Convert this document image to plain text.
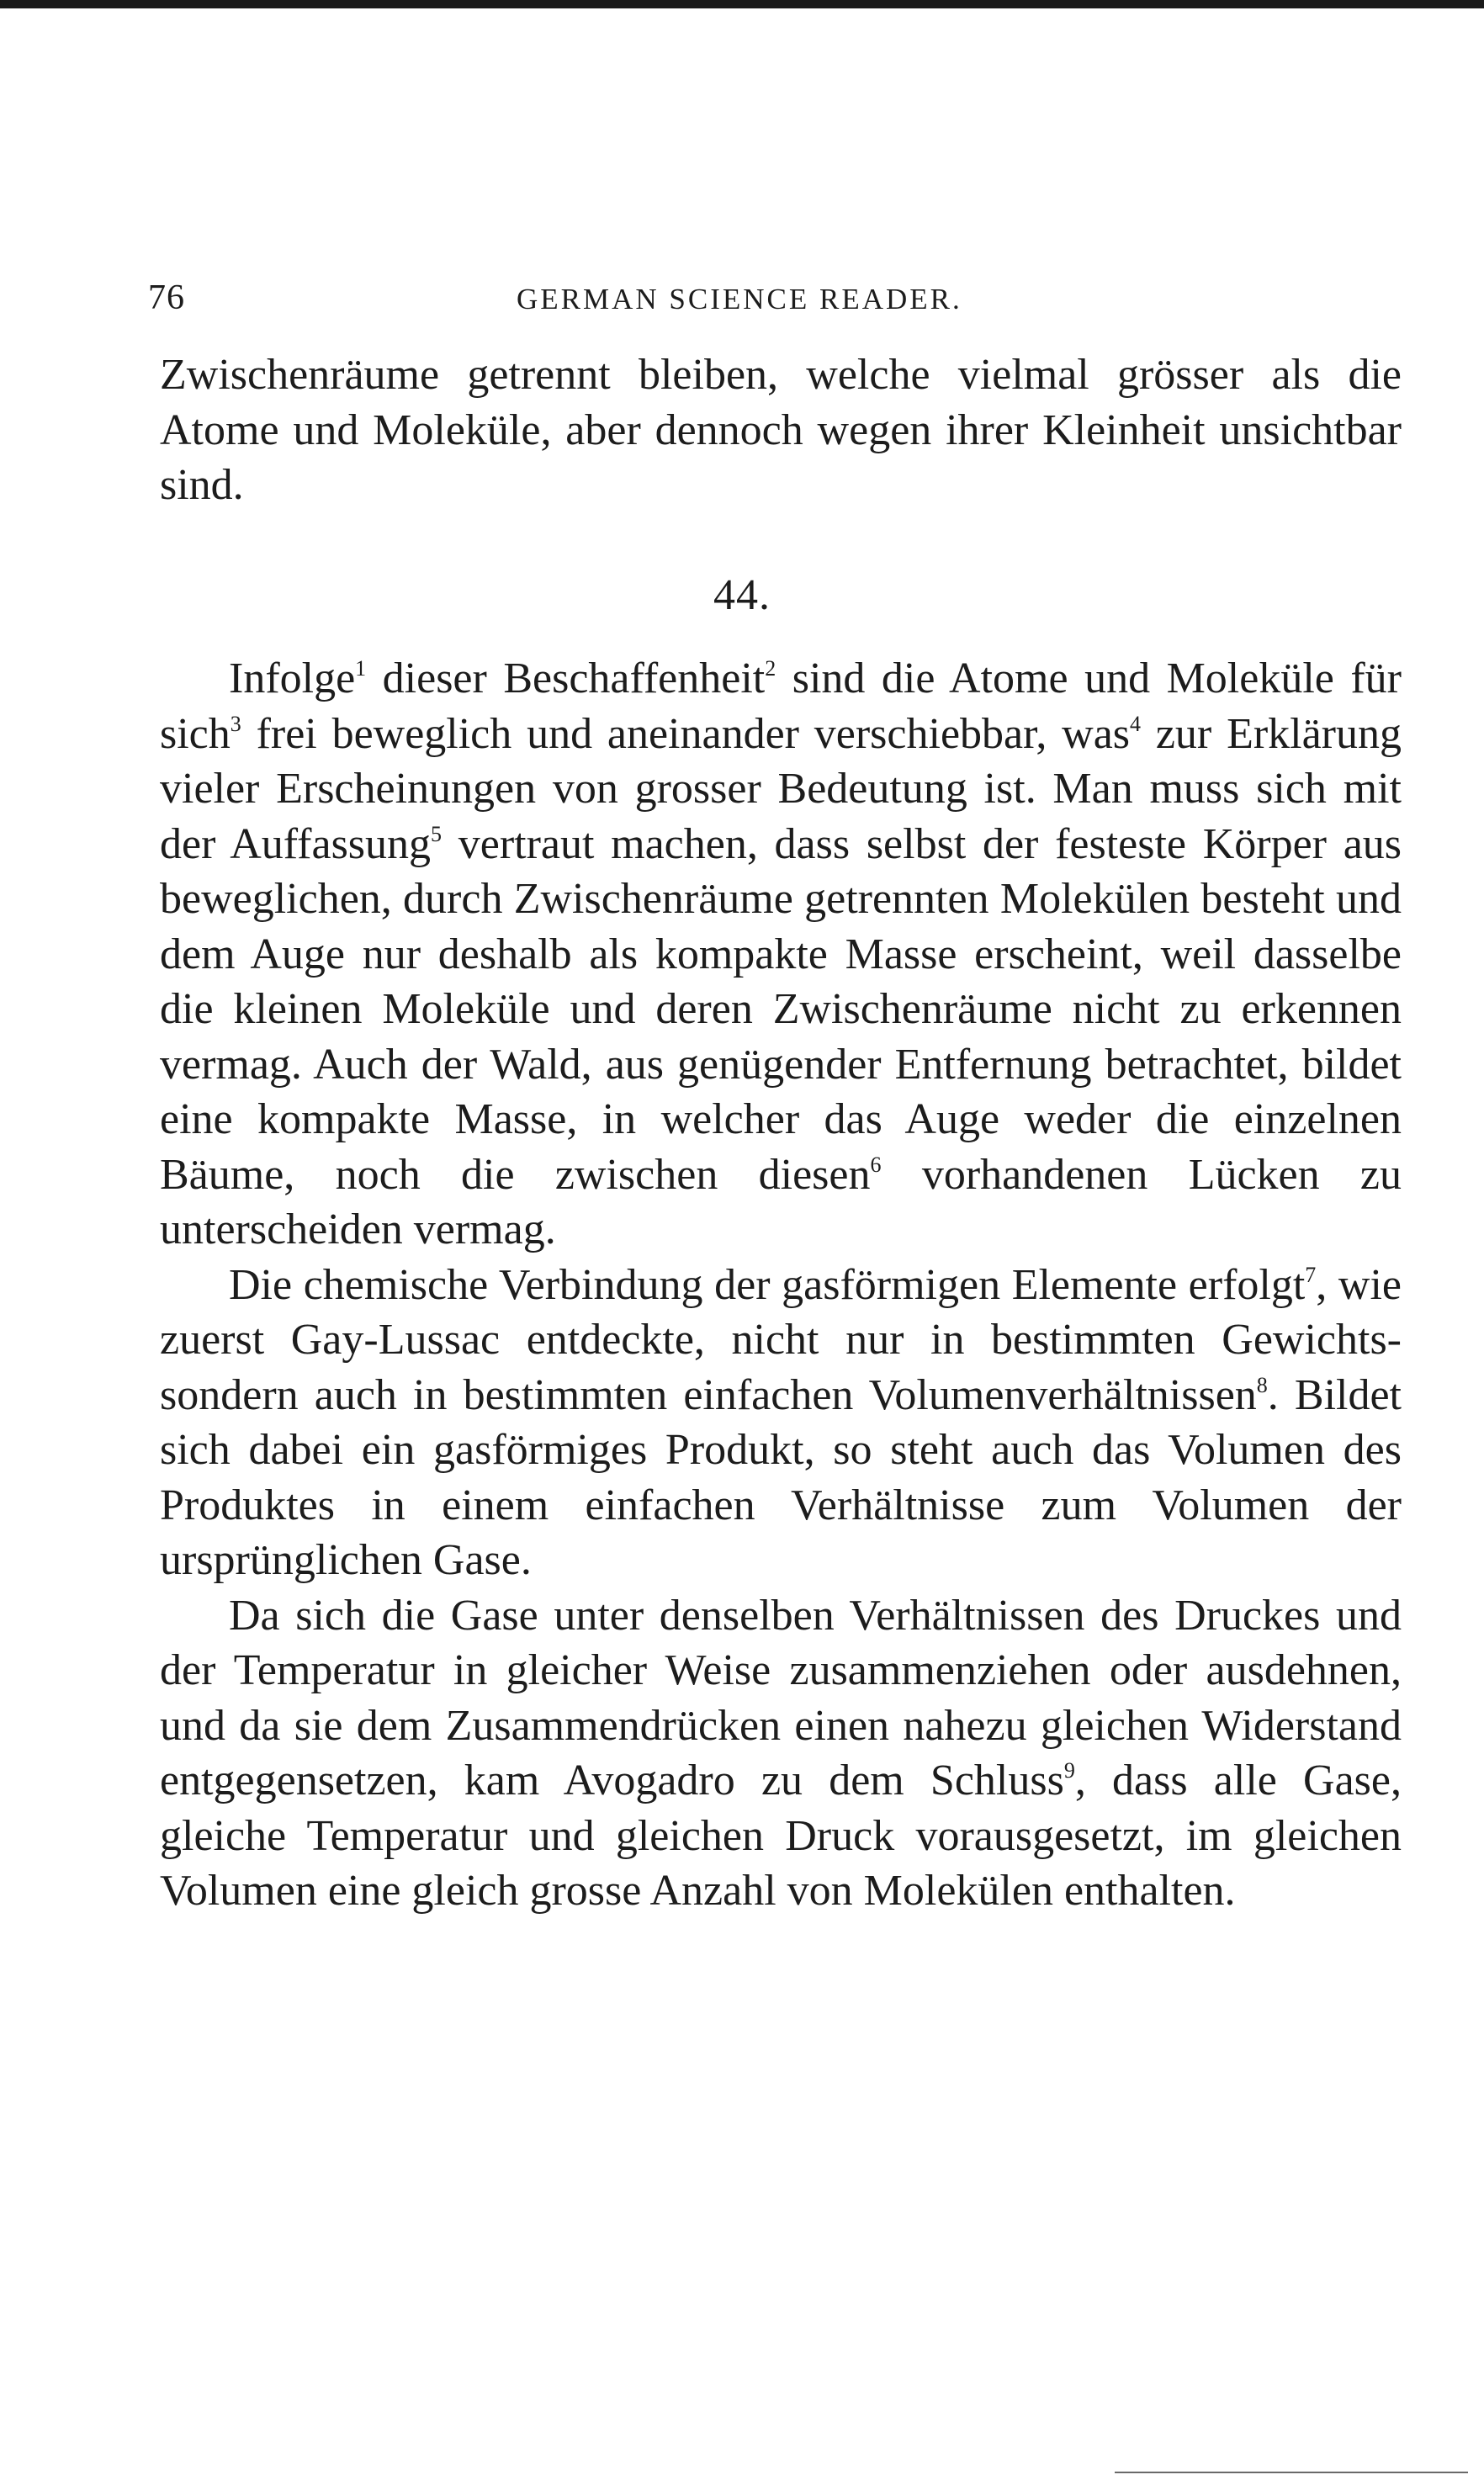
76	GERMAN SCIENCE READER.

Zwischenräume getrennt bleiben, welche vielmal grösser als die Atome und Moleküle, aber dennoch wegen ihrer Kleinheit unsichtbar sind.

44.

Infolge$^1$ dieser Beschaffenheit$^2$ sind die Atome und Moleküle für sich$^3$ frei beweglich und aneinander verschiebbar, was$^4$ zur Erklärung vieler Erscheinungen von grosser Bedeutung ist. Man muss sich mit der Auffassung$^5$ vertraut machen, dass selbst der festeste Körper aus beweglichen, durch Zwischenräume getrennten Molekülen besteht und dem Auge nur deshalb als kompakte Masse erscheint, weil dasselbe die kleinen Moleküle und deren Zwischenräume nicht zu erkennen vermag. Auch der Wald, aus genügender Entfernung betrachtet, bildet eine kompakte Masse, in welcher das Auge weder die einzelnen Bäume, noch die zwischen diesen$^6$ vorhandenen Lücken zu unterscheiden vermag.

Die chemische Verbindung der gasförmigen Elemente erfolgt$^7$, wie zuerst Gay-Lussac entdeckte, nicht nur in bestimmten Gewichts- sondern auch in bestimmten einfachen Volumenverhältnissen$^8$. Bildet sich dabei ein gasförmiges Produkt, so steht auch das Volumen des Produktes in einem einfachen Verhältnisse zum Volumen der ursprünglichen Gase.

Da sich die Gase unter denselben Verhältnissen des Druckes und der Temperatur in gleicher Weise zusammenziehen oder ausdehnen, und da sie dem Zusammendrücken einen nahezu gleichen Widerstand entgegensetzen, kam Avogadro zu dem Schluss$^9$, dass alle Gase, gleiche Temperatur und gleichen Druck vorausgesetzt, im gleichen Volumen eine gleich grosse Anzahl von Molekülen enthalten.
